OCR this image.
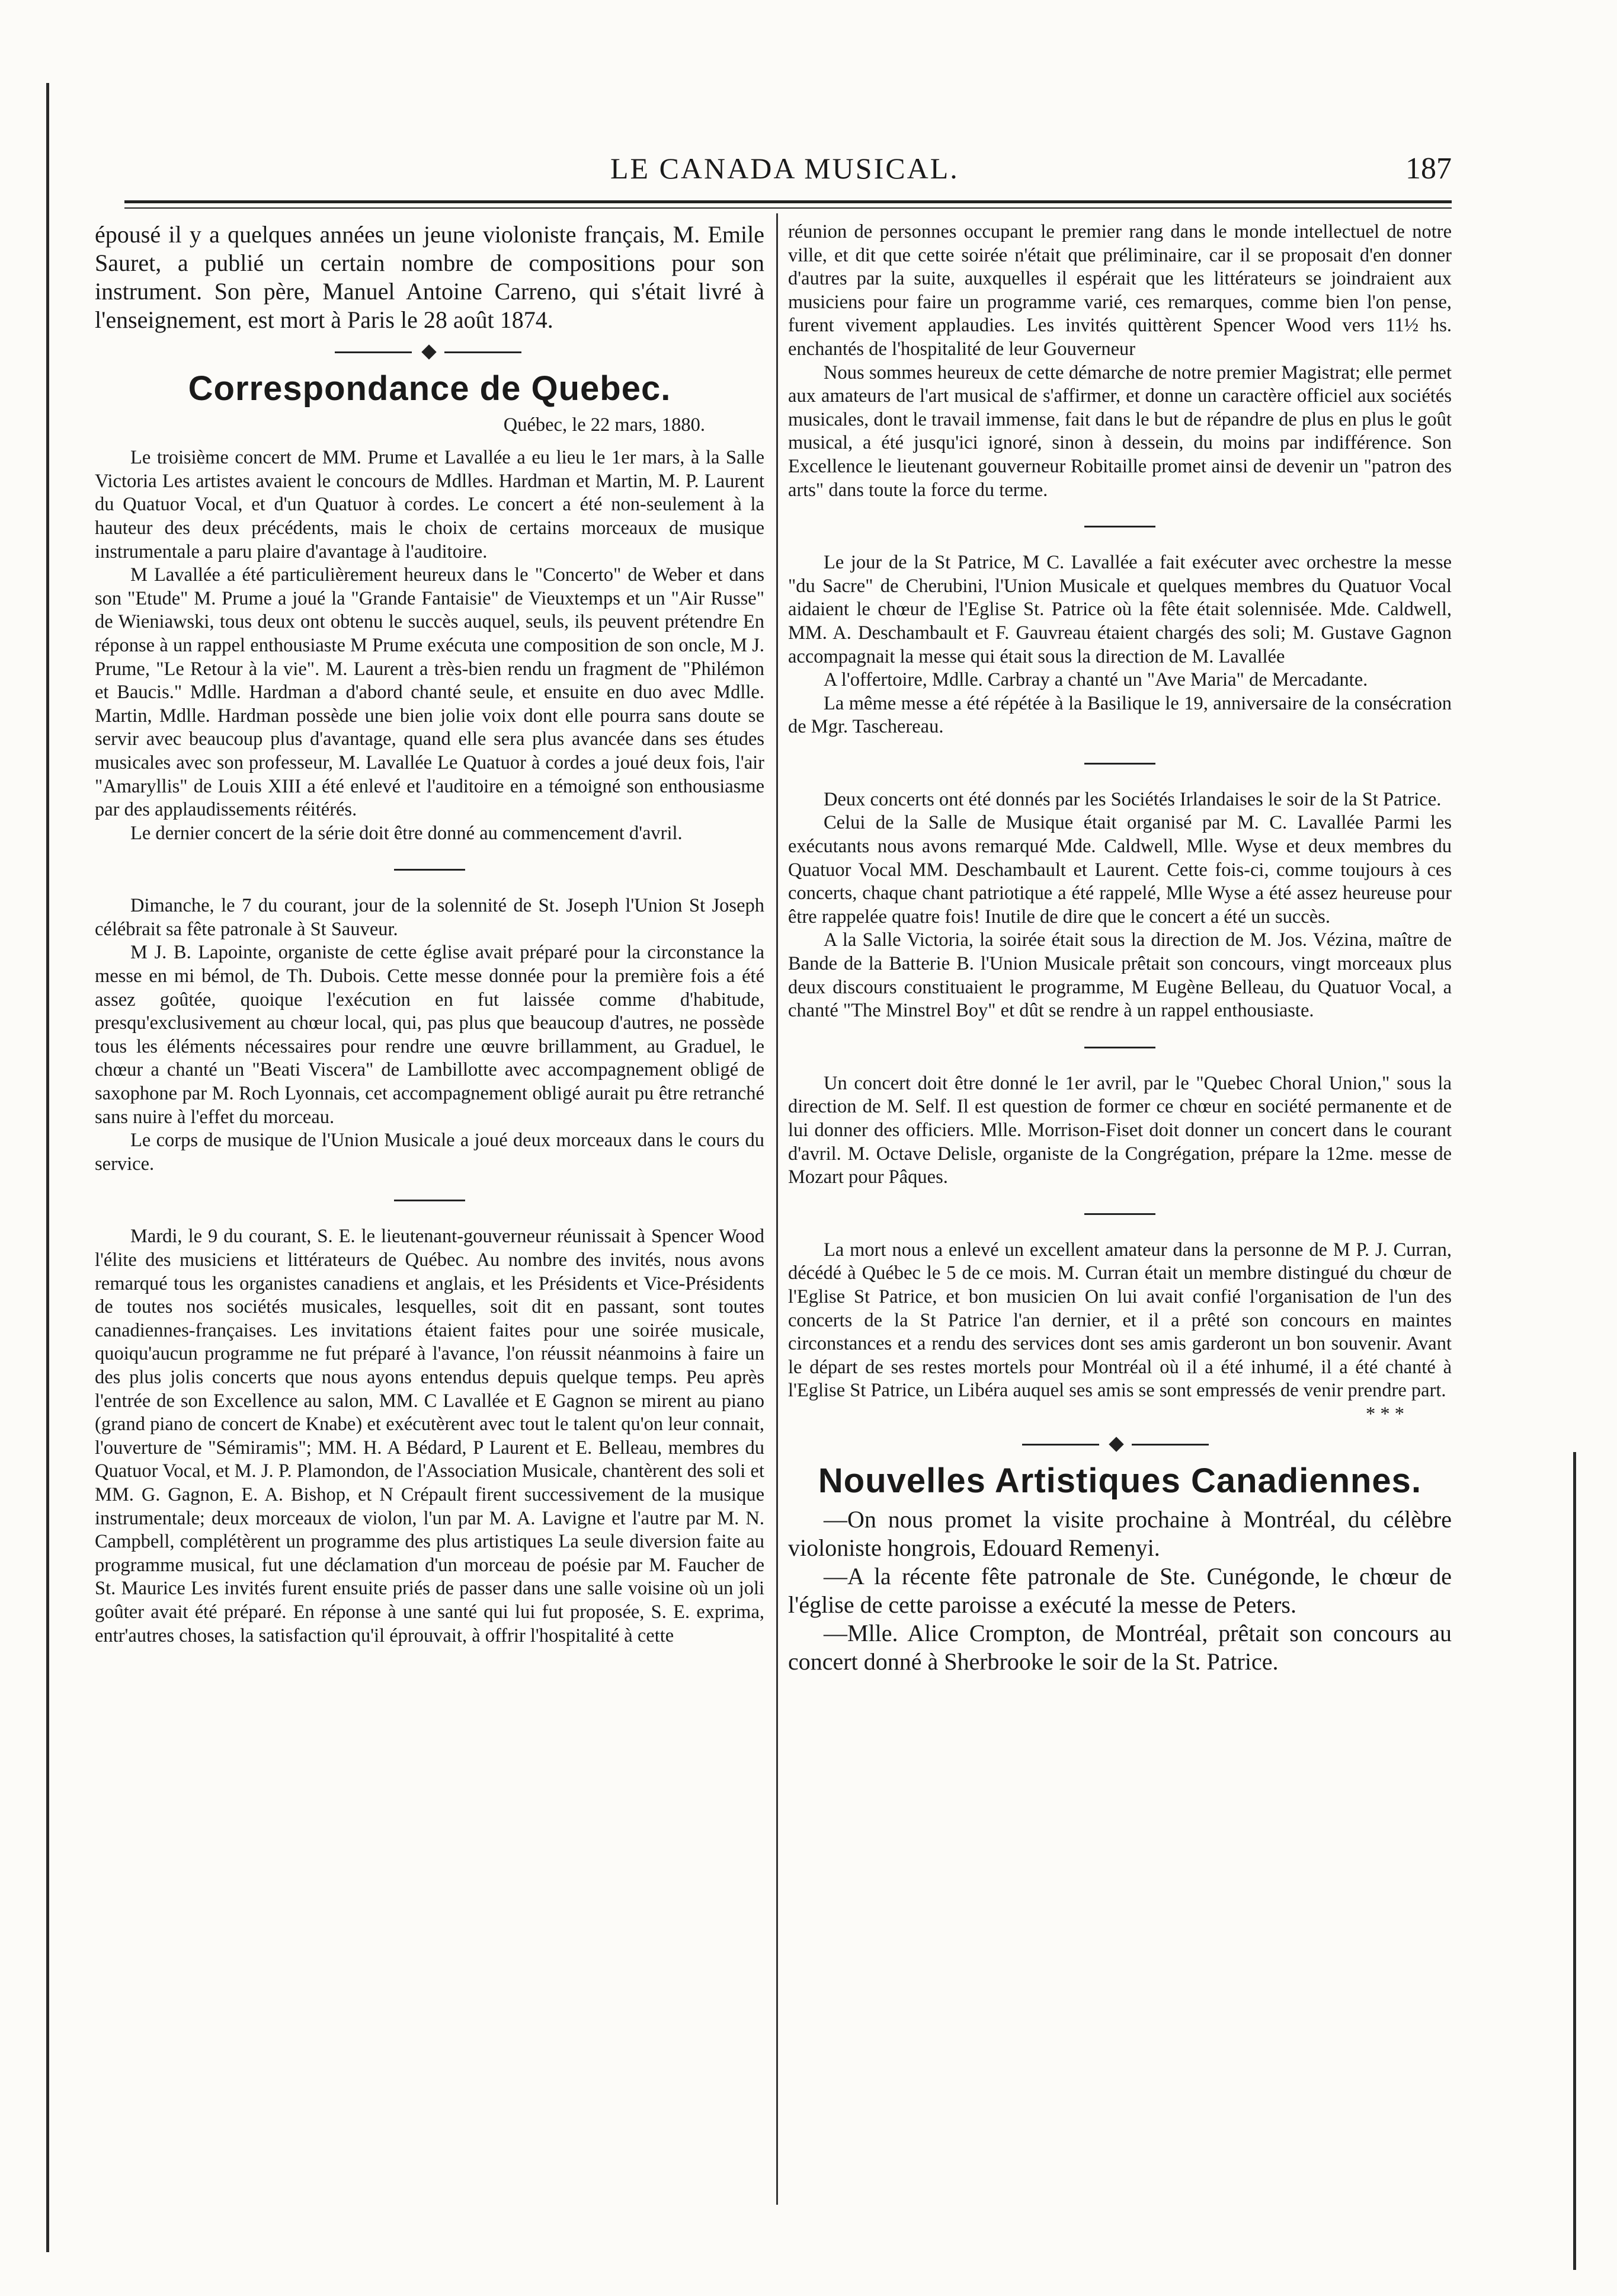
LE CANADA MUSICAL.	187

épousé il y a quelques années un jeune violoniste français, M. Emile Sauret, a publié un certain nombre de compositions pour son instrument. Son père, Manuel Antoine Carreno, qui s'était livré à l'enseignement, est mort à Paris le 28 août 1874.

Correspondance de Quebec.

Québec, le 22 mars, 1880.

Le troisième concert de MM. Prume et Lavallée a eu lieu le 1er mars, à la Salle Victoria Les artistes avaient le concours de Mdlles. Hardman et Martin, M. P. Laurent du Quatuor Vocal, et d'un Quatuor à cordes. Le concert a été non-seulement à la hauteur des deux précédents, mais le choix de certains morceaux de musique instrumentale a paru plaire d'avantage à l'auditoire.

M Lavallée a été particulièrement heureux dans le "Concerto" de Weber et dans son "Etude" M. Prume a joué la "Grande Fantaisie" de Vieuxtemps et un "Air Russe" de Wieniawski, tous deux ont obtenu le succès auquel, seuls, ils peuvent prétendre En réponse à un rappel enthousiaste M Prume exécuta une composition de son oncle, M J. Prume, "Le Retour à la vie". M. Laurent a très-bien rendu un fragment de "Philémon et Baucis." Mdlle. Hardman a d'abord chanté seule, et ensuite en duo avec Mdlle. Martin, Mdlle. Hardman possède une bien jolie voix dont elle pourra sans doute se servir avec beaucoup plus d'avantage, quand elle sera plus avancée dans ses études musicales avec son professeur, M. Lavallée Le Quatuor à cordes a joué deux fois, l'air "Amaryllis" de Louis XIII a été enlevé et l'auditoire en a témoigné son enthousiasme par des applaudissements réitérés.

Le dernier concert de la série doit être donné au commencement d'avril.

Dimanche, le 7 du courant, jour de la solennité de St. Joseph l'Union St Joseph célébrait sa fête patronale à St Sauveur.

M J. B. Lapointe, organiste de cette église avait préparé pour la circonstance la messe en mi bémol, de Th. Dubois. Cette messe donnée pour la première fois a été assez goûtée, quoique l'exécution en fut laissée comme d'habitude, presqu'exclusivement au chœur local, qui, pas plus que beaucoup d'autres, ne possède tous les éléments nécessaires pour rendre une œuvre brillamment, au Graduel, le chœur a chanté un "Beati Viscera" de Lambillotte avec accompagnement obligé de saxophone par M. Roch Lyonnais, cet accompagnement obligé aurait pu être retranché sans nuire à l'effet du morceau.

Le corps de musique de l'Union Musicale a joué deux morceaux dans le cours du service.

Mardi, le 9 du courant, S. E. le lieutenant-gouverneur réunissait à Spencer Wood l'élite des musiciens et littérateurs de Québec. Au nombre des invités, nous avons remarqué tous les organistes canadiens et anglais, et les Présidents et Vice-Présidents de toutes nos sociétés musicales, lesquelles, soit dit en passant, sont toutes canadiennes-françaises. Les invitations étaient faites pour une soirée musicale, quoiqu'aucun programme ne fut préparé à l'avance, l'on réussit néanmoins à faire un des plus jolis concerts que nous ayons entendus depuis quelque temps. Peu après l'entrée de son Excellence au salon, MM. C Lavallée et E Gagnon se mirent au piano (grand piano de concert de Knabe) et exécutèrent avec tout le talent qu'on leur connait, l'ouverture de "Sémiramis"; MM. H. A Bédard, P Laurent et E. Belleau, membres du Quatuor Vocal, et M. J. P. Plamondon, de l'Association Musicale, chantèrent des soli et MM. G. Gagnon, E. A. Bishop, et N Crépault firent successivement de la musique instrumentale; deux morceaux de violon, l'un par M. A. Lavigne et l'autre par M. N. Campbell, complétèrent un programme des plus artistiques La seule diversion faite au programme musical, fut une déclamation d'un morceau de poésie par M. Faucher de St. Maurice Les invités furent ensuite priés de passer dans une salle voisine où un joli goûter avait été préparé. En réponse à une santé qui lui fut proposée, S. E. exprima, entr'autres choses, la satisfaction qu'il éprouvait, à offrir l'hospitalité à cette

réunion de personnes occupant le premier rang dans le monde intellectuel de notre ville, et dit que cette soirée n'était que préliminaire, car il se proposait d'en donner d'autres par la suite, auxquelles il espérait que les littérateurs se joindraient aux musiciens pour faire un programme varié, ces remarques, comme bien l'on pense, furent vivement applaudies. Les invités quittèrent Spencer Wood vers 11½ hs. enchantés de l'hospitalité de leur Gouverneur

Nous sommes heureux de cette démarche de notre premier Magistrat; elle permet aux amateurs de l'art musical de s'affirmer, et donne un caractère officiel aux sociétés musicales, dont le travail immense, fait dans le but de répandre de plus en plus le goût musical, a été jusqu'ici ignoré, sinon à dessein, du moins par indifférence. Son Excellence le lieutenant gouverneur Robitaille promet ainsi de devenir un "patron des arts" dans toute la force du terme.

Le jour de la St Patrice, M C. Lavallée a fait exécuter avec orchestre la messe "du Sacre" de Cherubini, l'Union Musicale et quelques membres du Quatuor Vocal aidaient le chœur de l'Eglise St. Patrice où la fête était solennisée. Mde. Caldwell, MM. A. Deschambault et F. Gauvreau étaient chargés des soli; M. Gustave Gagnon accompagnait la messe qui était sous la direction de M. Lavallée

A l'offertoire, Mdlle. Carbray a chanté un "Ave Maria" de Mercadante.

La même messe a été répétée à la Basilique le 19, anniversaire de la consécration de Mgr. Taschereau.

Deux concerts ont été donnés par les Sociétés Irlandaises le soir de la St Patrice.

Celui de la Salle de Musique était organisé par M. C. Lavallée Parmi les exécutants nous avons remarqué Mde. Caldwell, Mlle. Wyse et deux membres du Quatuor Vocal MM. Deschambault et Laurent. Cette fois-ci, comme toujours à ces concerts, chaque chant patriotique a été rappelé, Mlle Wyse a été assez heureuse pour être rappelée quatre fois! Inutile de dire que le concert a été un succès.

A la Salle Victoria, la soirée était sous la direction de M. Jos. Vézina, maître de Bande de la Batterie B. l'Union Musicale prêtait son concours, vingt morceaux plus deux discours constituaient le programme, M Eugène Belleau, du Quatuor Vocal, a chanté "The Minstrel Boy" et dût se rendre à un rappel enthousiaste.

Un concert doit être donné le 1er avril, par le "Quebec Choral Union," sous la direction de M. Self. Il est question de former ce chœur en société permanente et de lui donner des officiers. Mlle. Morrison-Fiset doit donner un concert dans le courant d'avril. M. Octave Delisle, organiste de la Congrégation, prépare la 12me. messe de Mozart pour Pâques.

La mort nous a enlevé un excellent amateur dans la personne de M P. J. Curran, décédé à Québec le 5 de ce mois. M. Curran était un membre distingué du chœur de l'Eglise St Patrice, et bon musicien On lui avait confié l'organisation de l'un des concerts de la St Patrice l'an dernier, et il a prêté son concours en maintes circonstances et a rendu des services dont ses amis garderont un bon souvenir. Avant le départ de ses restes mortels pour Montréal où il a été inhumé, il a été chanté à l'Eglise St Patrice, un Libéra auquel ses amis se sont empressés de venir prendre part.

* * *

Nouvelles Artistiques Canadiennes.

—On nous promet la visite prochaine à Montréal, du célèbre violoniste hongrois, Edouard Remenyi.

—A la récente fête patronale de Ste. Cunégonde, le chœur de l'église de cette paroisse a exécuté la messe de Peters.

—Mlle. Alice Crompton, de Montréal, prêtait son concours au concert donné à Sherbrooke le soir de la St. Patrice.
